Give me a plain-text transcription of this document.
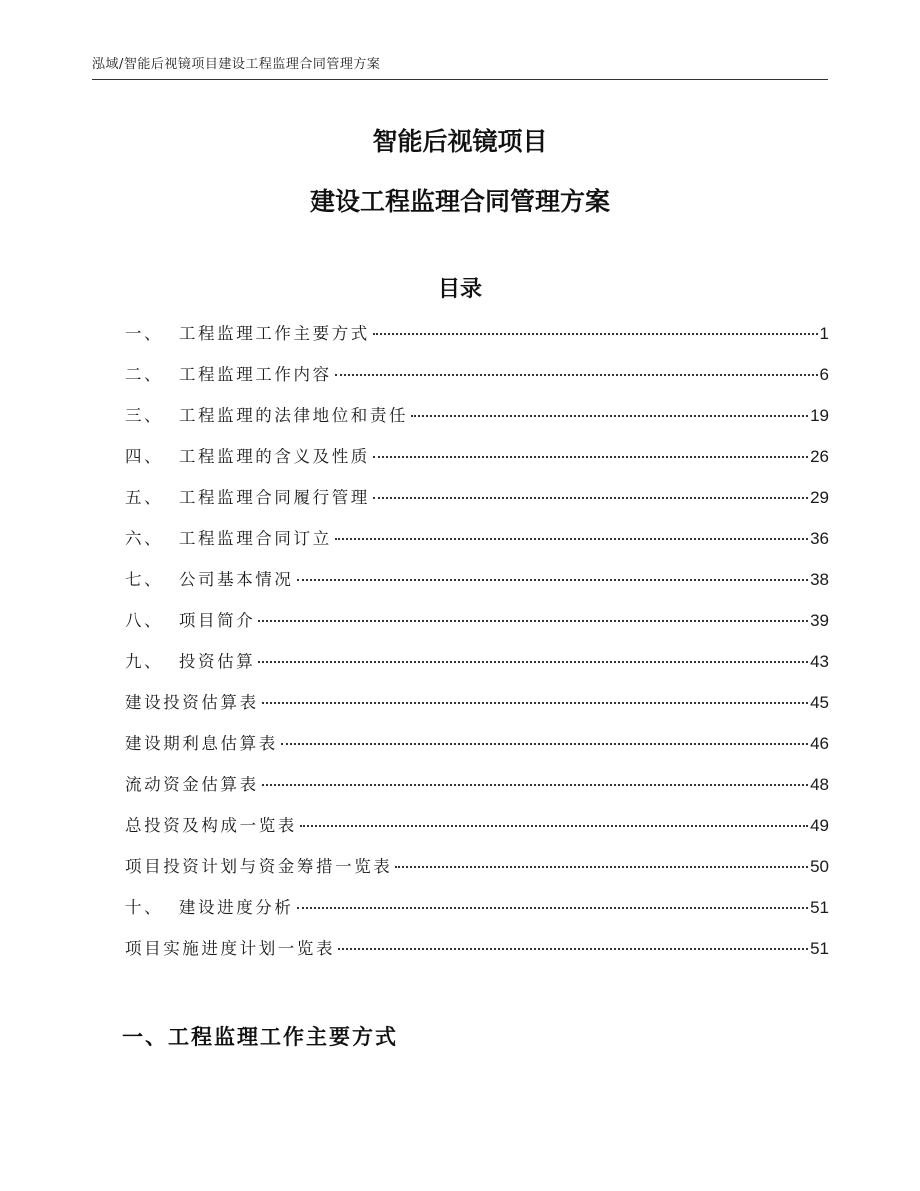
泓域/智能后视镜项目建设工程监理合同管理方案
智能后视镜项目
建设工程监理合同管理方案
目录
一、 工程监理工作主要方式	1
二、 工程监理工作内容	6
三、 工程监理的法律地位和责任	19
四、 工程监理的含义及性质	26
五、 工程监理合同履行管理	29
六、 工程监理合同订立	36
七、 公司基本情况	38
八、 项目简介	39
九、 投资估算	43
建设投资估算表	45
建设期利息估算表	46
流动资金估算表	48
总投资及构成一览表	49
项目投资计划与资金筹措一览表	50
十、 建设进度分析	51
项目实施进度计划一览表	51
一、工程监理工作主要方式
